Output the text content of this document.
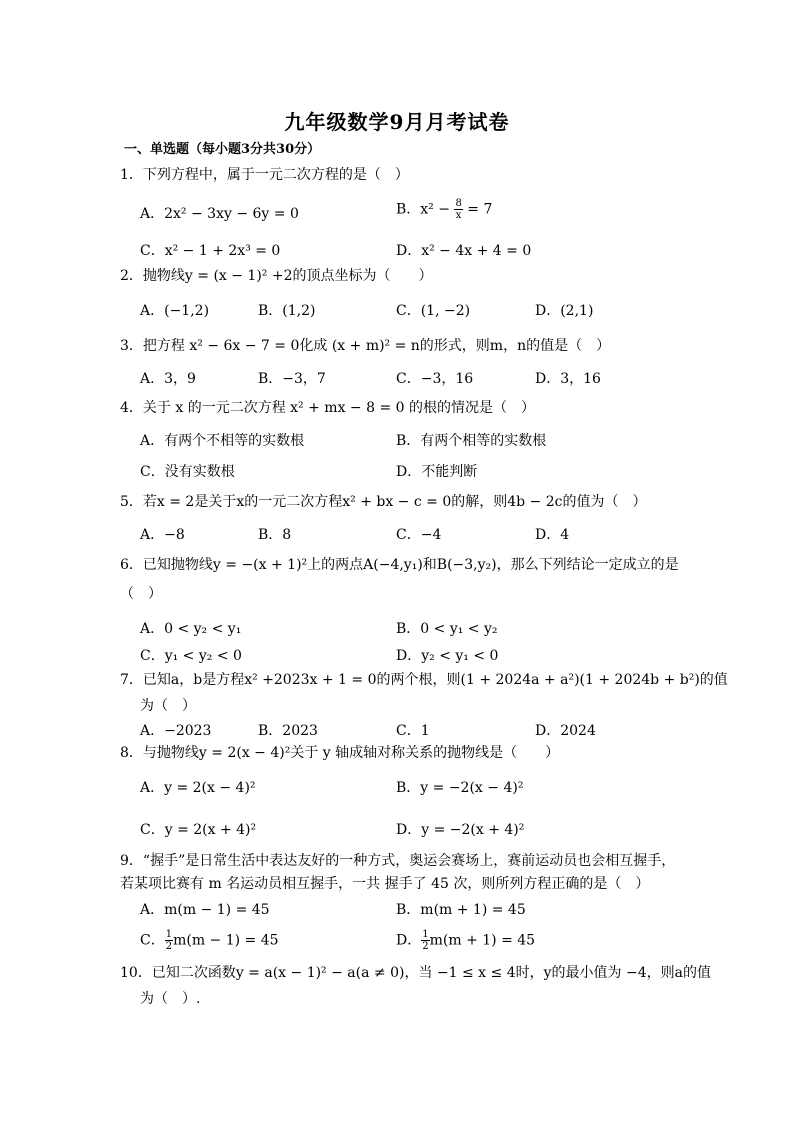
九年级数学9月月考试卷
一、单选题（每小题3分共30分）
1．下列方程中，属于一元二次方程的是（　）
A．2x² − 3xy − 6y = 0	B．$x^2 - \frac{8}{x} = 7$
C．x² − 1 + 2x³ = 0	D．x² − 4x + 4 = 0
2．抛物线y = (x − 1)² +2的顶点坐标为（　　）
A．(−1,2)	B．(1,2)	C．(1, −2)	D．(2,1)
3．把方程 x² − 6x − 7 = 0化成 (x + m)² = n的形式，则m，n的值是（　）
A．3，9	B．−3，7	C．−3，16	D．3，16
4．关于 x 的一元二次方程 x² + mx − 8 = 0 的根的情况是（　）
A．有两个不相等的实数根	B．有两个相等的实数根
C．没有实数根	D．不能判断
5．若x = 2是关于x的一元二次方程x² + bx − c = 0的解，则4b − 2c的值为（　）
A．−8	B．8	C．−4	D．4
6．已知抛物线y = −(x + 1)²上的两点A(−4,y₁)和B(−3,y₂)，那么下列结论一定成立的是
（　）
A．0 < y₂ < y₁	B．0 < y₁ < y₂
C．y₁ < y₂ < 0	D．y₂ < y₁ < 0
7．已知a，b是方程x² +2023x + 1 = 0的两个根，则(1 + 2024a + a²)(1 + 2024b + b²)的值
为（　）
A．−2023	B．2023	C．1	D．2024
8．与抛物线y = 2(x − 4)²关于 y 轴成轴对称关系的抛物线是（　　）
A．y = 2(x − 4)²	B．y = −2(x − 4)²
C．y = 2(x + 4)²	D．y = −2(x + 4)²
9．“握手”是日常生活中表达友好的一种方式，奥运会赛场上，赛前运动员也会相互握手，
若某项比赛有 m 名运动员相互握手，一共 握手了 45 次，则所列方程正确的是（　）
A．m(m − 1) = 45	B．m(m + 1) = 45
C． $\frac{1}{2} m(m - 1) = 45$	D． $\frac{1}{2} m(m + 1) = 45$
10．已知二次函数y = a(x − 1)² − a(a ≠ 0)，当 −1 ≤ x ≤ 4时，y的最小值为 −4，则a的值
为（　）.
